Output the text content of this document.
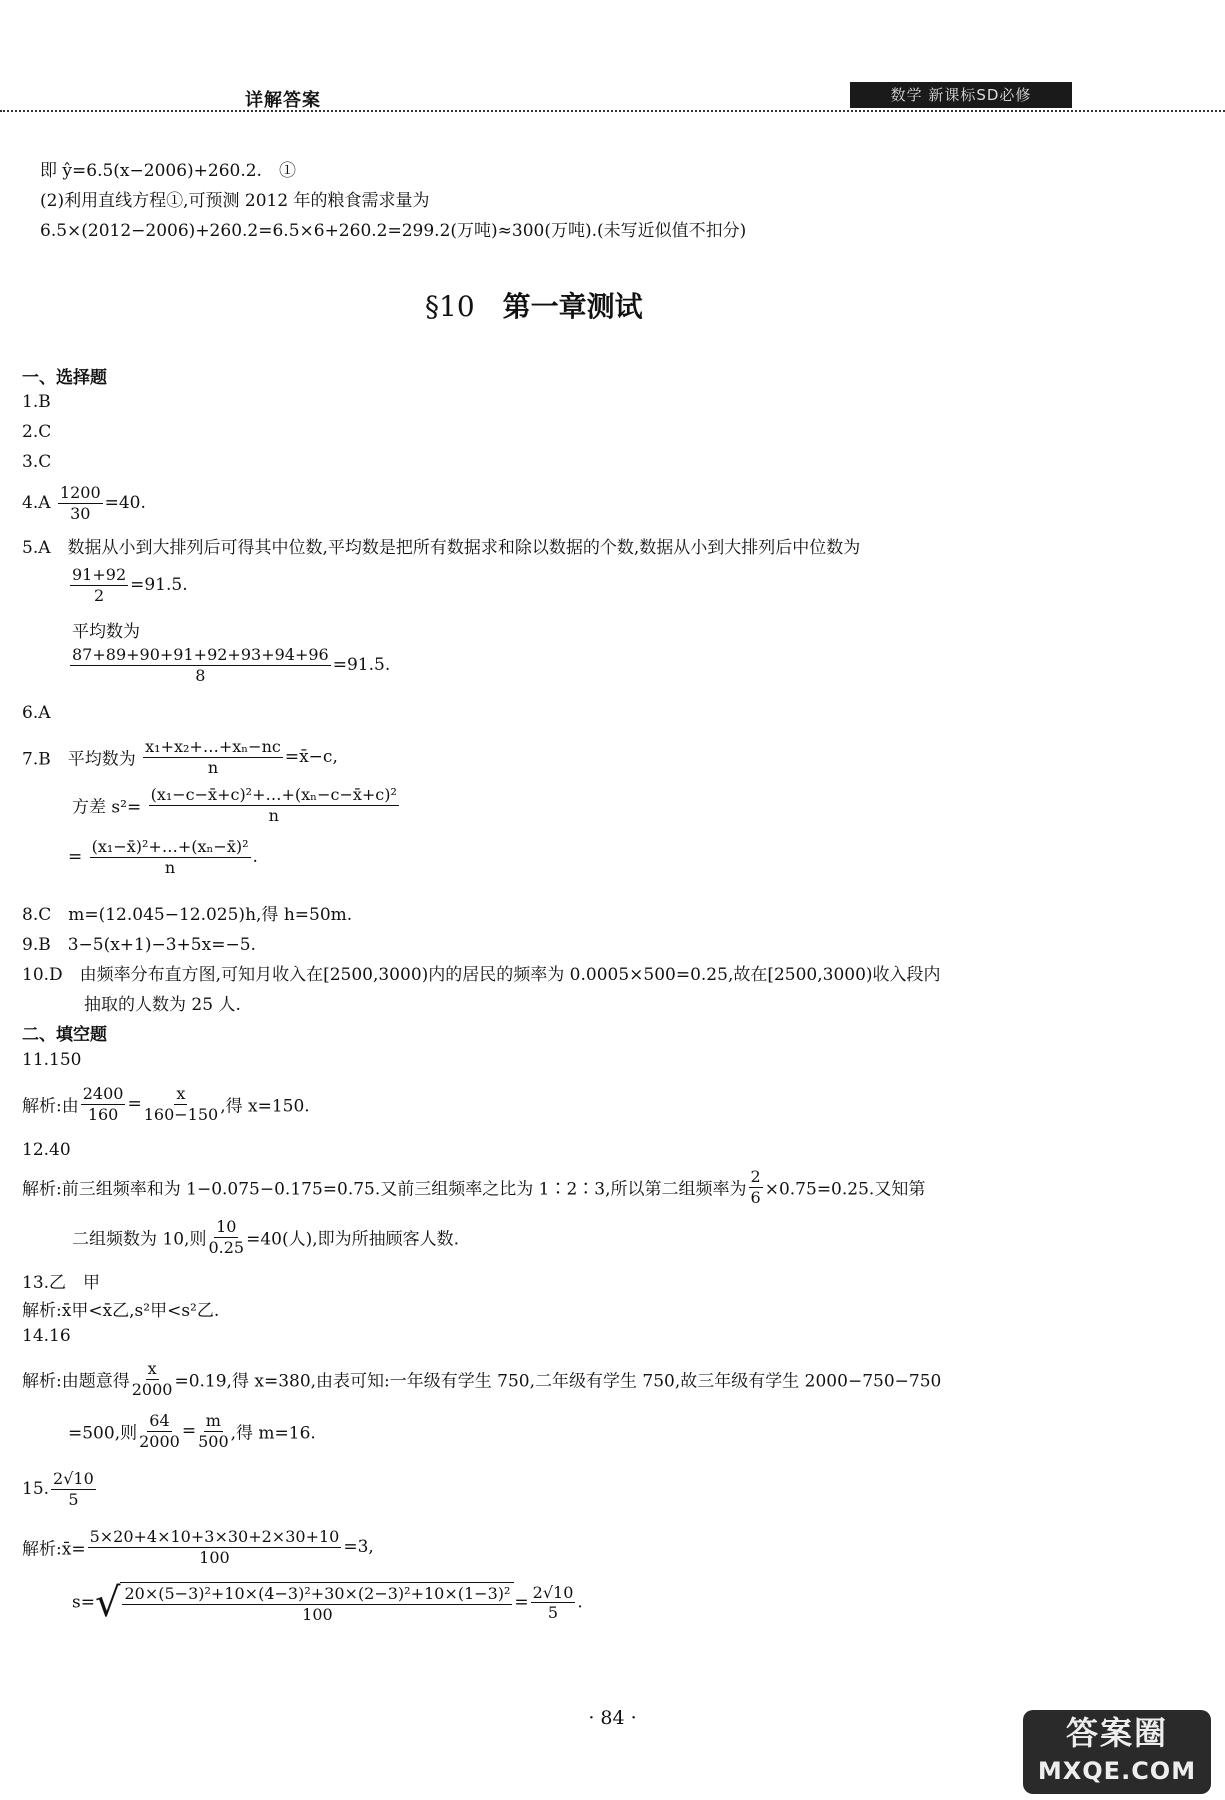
详解答案	数学 新课标SD必修
即 ŷ=6.5(x−2006)+260.2.　①
(2)利用直线方程①,可预测 2012 年的粮食需求量为
6.5×(2012−2006)+260.2=6.5×6+260.2=299.2(万吨)≈300(万吨).(未写近似值不扣分)
§10 第一章测试
一、选择题
1.B
2.C
3.C
$4.A \frac{1200}{30} =40$.
5.A　数据从小到大排列后可得其中位数,平均数是把所有数据求和除以数据的个数,数据从小到大排列后中位数为
$\frac{91+92}{2} =91.5$.
平均数为
$\frac{87+89+90+91+92+93+94+96}{8} =91.5$.
6.A
7.B　平均数为 $\frac{\text{x₁+x₂+…+xₙ−nc}}{n}$ =x̄−c,
方差 $s^2= \frac{\text{(x₁−c−x̄+c)²+…+(xₙ−c−x̄+c)²}}{n}$
= $\frac{\text{(x₁−x̄)²+…+(xₙ−x̄)²}}{n}$ .
8.C　m=(12.045−12.025)h,得 h=50m.
9.B　3−5(x+1)−3+5x=−5.
10.D　由频率分布直方图,可知月收入在[2500,3000)内的居民的频率为 0.0005×500=0.25,故在[2500,3000)收入段内
抽取的人数为 25 人.
二、填空题
11.150
解析:由 $\frac{2400}{160} = \frac{x}{160-150}$ ,得 x=150.
12.40
解析:前三组频率和为 1−0.075−0.175=0.75.又前三组频率之比为 1∶2∶3,所以第二组频率为 $\frac{2}{6} \times 0.75=0.25$.又知第
二组频数为 10,则 $\frac{10}{0.25} =40$(人),即为所抽顾客人数.
13.乙　甲
解析:x̄甲<x̄乙,s²甲<s²乙.
14.16
解析:由题意得 $\frac{x}{2000} =0.19$,得 x=380,由表可知:一年级有学生 750,二年级有学生 750,故三年级有学生 2000−750−750
=500,则 $\frac{64}{2000} = \frac{m}{500}$ ,得 m=16.
15. $\frac{2√10}{5}$
解析:x̄= $\frac{5\times 20+4\times 10+3\times 30+2\times 30+10}{100} =3$,
s= √ $\frac{\text{20×(5−3)²+10×(4−3)²+30×(2−3)²+10×(1−3)²}}{100} = \frac{2√10}{5}$ .
· 84 ·	答案圈
MXQE.COM
